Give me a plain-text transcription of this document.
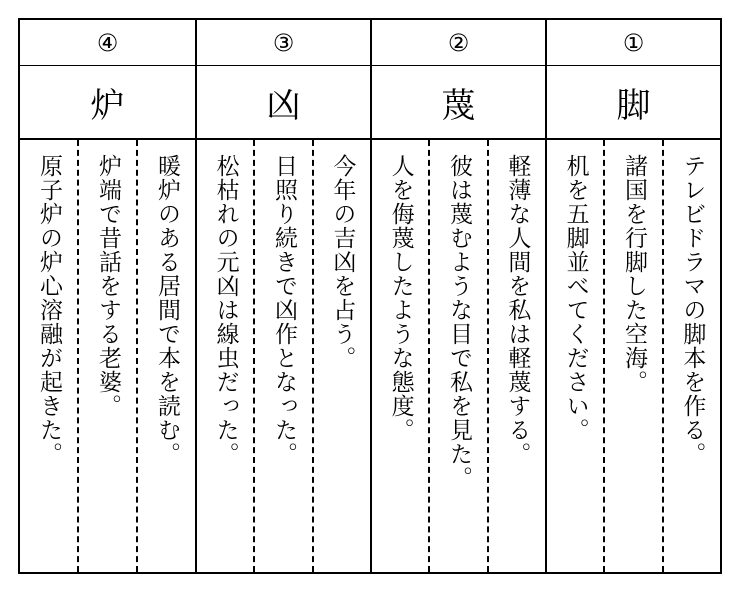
①
脚
テレビドラマの脚本を作る。
諸国を行脚した空海。
机を五脚並べてください。
②
蔑
軽薄な人間を私は軽蔑する。
彼は蔑むような目で私を見た。
人を侮蔑したような態度。
③
凶
今年の吉凶を占う。
日照り続きで凶作となった。
松枯れの元凶は線虫だった。
④
炉
暖炉のある居間で本を読む。
炉端で昔話をする老婆。
原子炉の炉心溶融が起きた。
